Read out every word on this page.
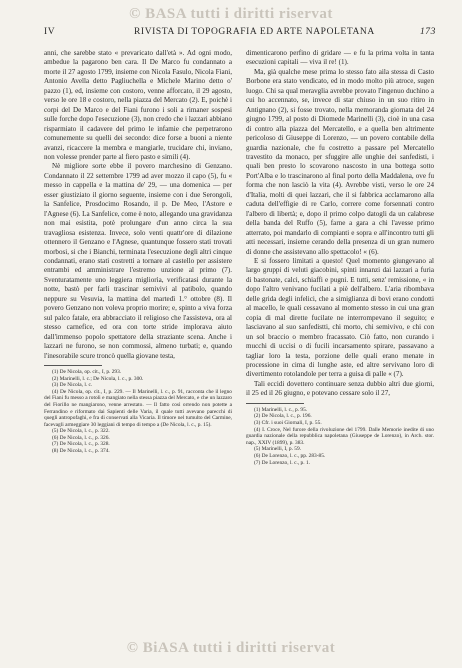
© BASA tutti i diritti riservat
IV	RIVISTA DI TOPOGRAFIA ED ARTE NAPOLETANA	173

anni, che sarebbe stato « prevaricato dall'età ». Ad ogni modo, ambedue la pagarono ben cara. Il De Marco fu condannato a morte il 27 agosto 1799, insieme con Nicola Fasulo, Nicola Fiani, Antonio Avella detto Pagliuchella e Michele Marino detto o' pazzo (1), ed, insieme con costoro, venne afforcato, il 29 agosto, verso le ore 18 e costoro, nella piazza del Mercato (2). E, poichè i corpi del De Marco e del Fiani furono i soli a rimaner sospesi sulle forche dopo l'esecuzione (3), non credo che i lazzari abbiano risparmiato il cadavere del primo le infamie che perpetrarono comunemente su quelli dei secondo: dice forse a buoni a niente avanzi, ricaccere la membra e mangiarle, trucidare chi, inviano, non volesse prender parte al fiero pasto e simili (4).

Nè migliore sorte ebbe il povero marchesino di Genzano. Condannato il 22 settembre 1799 ad aver mozzo il capo (5), fu « messo in cappella e la mattina de' 29, — una domenica — per esser giustiziato il giorno seguente, insieme con i due Serongoli, la Sanfelice, Prosdocimo Rosando, il p. De Meo, l'Astore e l'Agnese (6). La Sanfelice, come è noto, allegando una gravidanza non mai esistita, potè prolungare d'un anno circa la sua travagliosa esistenza. Invece, solo venti quattr'ore di dilazione ottennero il Genzano e l'Agnese, quantunque fossero stati trovati morbosi, si che i Bianchi, terminata l'esecuzione degli altri cinque condannati, erano stati costretti a tornare al castello per assistere entrambi ed amministrare l'estremo unzione al primo (7). Sventuratamente uno leggiera migliorìa, verificatasi durante la notte, bastò per farli trascinar semivivi al patibolo, quando neppure su Vesuvia, la mattina del martedì 1.° ottobre (8). Il povero Genzano non voleva proprio morire; e, spinto a viva forza sul palco fatale, era abbracciato il religioso che l'assisteva, ora al stesso carnefice, ed ora con torte stride implorava aiuto dall'immenso popolo spettatore della straziante scena. Anche i lazzari ne furono, se non commossi, almeno turbati; e, quando l'inesorabile scure troncò quella giovane testa,

(1) De Nicola, op. cit., I, p. 293.

(2) Marinelli, l. c.; De Nicola, l. c., p. 300.

(3) De Nicola, l. c.

(4) De Nicola, op. cit., I, p. 229. — Il Marinelli, l. c., p. 91, racconta che il legno del Fiani fu messo a rotoli e mangiato nella stessa piazza del Mercato, e che un lazzaro del Fiorillo ne mangiarono, venne arrestato. — Il fatto così orrendo non potette a Ferrandino e riformato dai Sapienti delle Varia, il quale tutti avevano parecchi di quegli antropofaghi, e fra di conservati alla Vicaria. Il timore nel tumulto del Carmine, facevagli armeggiare 30 leggiani di tempo di tempo a (De Nicola, l. c., p. 15).

(5) De Nicola, l. c., p. 322.

(6) De Nicola, l. c., p. 326.

(7) De Nicola, l. c., p. 328.

(8) De Nicola, l. c., p. 374.

dimenticarono perfino di gridare — e fu la prima volta in tanta esecuzioni capitali — viva il re! (1).

Ma, già qualche mese prima lo stesso fato aila stessa di Casto Borbone era stato vendicato, ed in modo molto più atroce, sugen luogo. Chi sa qual meravglia avrebbe provato l'ingenuo duchino a cui ho accennato, se, invece di star chiuso in un suo ritiro in Antignano (2), si fosse trovato, nella memoranda giornata del 24 giugno 1799, al posto di Diomede Marinelli (3), cioè in una casa di contro alla piazza del Mercatello, e a quella ben altrimente pericoloso di Giuseppe di Lorenzo, — un povero contabile della guardia nazionale, che fu costretto a passare pel Mercatello travestito da monaco, per sfuggire alle unghie dei sanfedisti, i quali ben presto lo scovarono nascosto in una bottega sotto Port'Alba e lo trascinarono al final porto della Maddalena, ove fu forma che non lasciò la vita (4). Avrebbe visti, verso le ore 24 d'Italia, molti di quei lazzari, che il si fabbrica acclamarono alla caduta dell'effigie di re Carlo, correre come forsennati contro l'albero di libertà; e, dopo il primo colpo datogli da un calabrese della banda del Ruffo (5), farne a gara a chi l'avesse primo atterrato, poi mandarlo di compianti e sopra e all'incontro tutti gli atti necessari, insieme cerando della presenza di un gran numero di donne che assistevano allo spettacolo! « (6).

E si fossero limitati a questo! Quel momento giungevano al largo gruppi di veluti giacobini, spinti innanzi dai lazzari a furia di bastonate, calci, schiaffi e pugni. E tutti, senz' remissione, « in dopo l'altro venivano fucilati a piè dell'albero. L'aria ribombava delle grida degli infelici, che a simiglianza di bovi erano condotti al macello, le quali cessavano al momento stesso in cui una gran copia di mal dirette fucilate ne interrompevano il seguito; e lasciavano al suo sanfedistti, chi morto, chi semivivo, e chi con un sol braccio o membro fracassato. Ciò fatto, non curando i mucchi di uccisi o di fucili incarsamento spirare, passavano a tagliar loro la testa, porzione delle quali erano menate in processione in cima di lunghe aste, ed altre servivano loro di divertimento rotolandole per terra a guisa di palle « (7).

Tali eccidi dovettero continuare senza dubbio altri due giorni, il 25 ed il 26 giugno, e potevano cessare solo il 27,

(1) Marinelli, l. c., p. 95.

(2) De Nicola, l. c., p. 196.

(3) Cfr. i suoi Giornali, I, p. 55.

(4) I. Croce, Nel furore della rivoluzione del 1799. Dalle Memorie inedite di uno guardia nazionale della repubblica napoletana (Giuseppe de Lorenzo), in Arch. stor. nap., XXIV (1899), p. 383.

(5) Marinelli, I, p. 59.

(6) De Lorenzo, l. c., pp. 283-85.

(7) De Lorenzo, l. c., p. 1.

© BiASA tutti i diritti riservat
